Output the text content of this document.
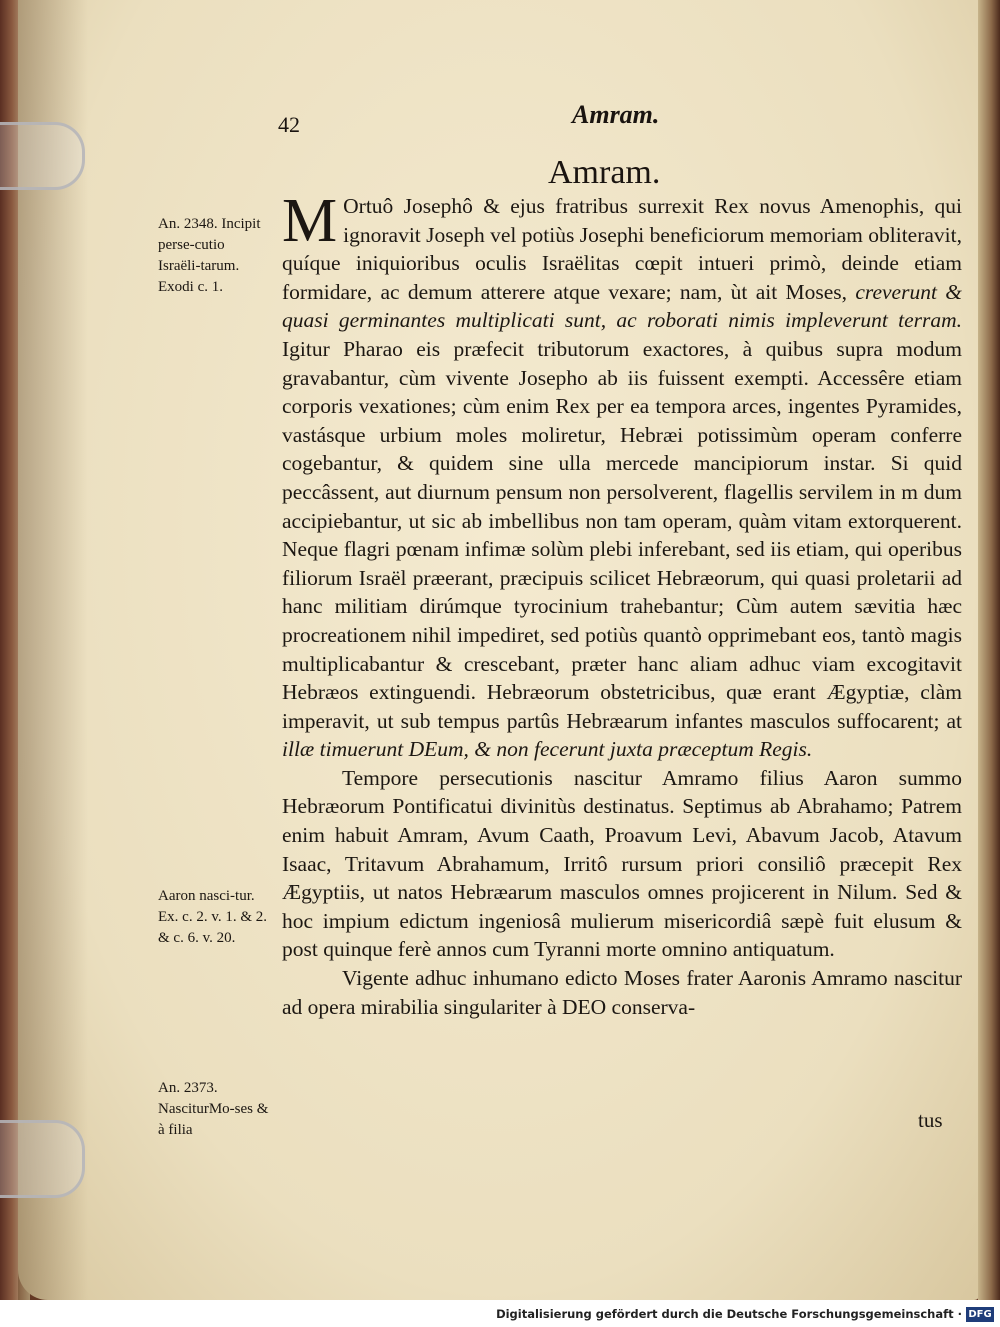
42	Amram.
Amram.
An. 2348. Incipit perse-cutio Israëli-tarum. Exodi c. 1.
Aaron nasci-tur. Ex. c. 2. v. 1. & 2. & c. 6. v. 20.
An. 2373. NasciturMo-ses & à filia

M Ortuô Josephô & ejus fratribus surrexit Rex novus Amenophis, qui ignoravit Joseph vel potiùs Josephi beneficiorum memoriam obliteravit, quíque iniquioribus oculis Israëlitas cœpit intueri primò, deinde etiam formidare, ac demum atterere atque vexare; nam, ùt ait Moses, creverunt & quasi germinantes multiplicati sunt, ac roborati nimis impleverunt terram. Igitur Pharao eis præfecit tributorum exactores, à quibus supra modum gravabantur, cùm vivente Josepho ab iis fuissent exempti. Accessêre etiam corporis vexationes; cùm enim Rex per ea tempora arces, ingentes Pyramides, vastásque urbium moles moliretur, Hebræi potissimùm operam conferre cogebantur, & quidem sine ulla mercede mancipiorum instar. Si quid peccâssent, aut diurnum pensum non persolverent, flagellis servilem in m dum accipiebantur, ut sic ab imbellibus non tam operam, quàm vitam extorquerent. Neque flagri pœnam infimæ solùm plebi inferebant, sed iis etiam, qui operibus filiorum Israël præerant, præcipuis scilicet Hebræorum, qui quasi proletarii ad hanc militiam dirúmque tyrocinium trahebantur; Cùm autem sævitia hæc procreationem nihil impediret, sed potiùs quantò opprimebant eos, tantò magis multiplicabantur & crescebant, præter hanc aliam adhuc viam excogitavit Hebræos extinguendi. Hebræorum obstetricibus, quæ erant Ægyptiæ, clàm imperavit, ut sub tempus partûs Hebræarum infantes masculos suffocarent; at illæ timuerunt DEum, & non fecerunt juxta præceptum Regis.

Tempore persecutionis nascitur Amramo filius Aaron summo Hebræorum Pontificatui divinitùs destinatus. Septimus ab Abrahamo; Patrem enim habuit Amram, Avum Caath, Proavum Levi, Abavum Jacob, Atavum Isaac, Tritavum Abrahamum, Irritô rursum priori consiliô præcepit Rex Ægyptiis, ut natos Hebræarum masculos omnes projicerent in Nilum. Sed & hoc impium edictum ingeniosâ mulierum misericordiâ sæpè fuit elusum & post quinque ferè annos cum Tyranni morte omnino antiquatum.

Vigente adhuc inhumano edicto Moses frater Aaronis Amramo nascitur ad opera mirabilia singulariter à DEO conserva-

tus
Digitalisierung gefördert durch die Deutsche Forschungsgemeinschaft · DFG
